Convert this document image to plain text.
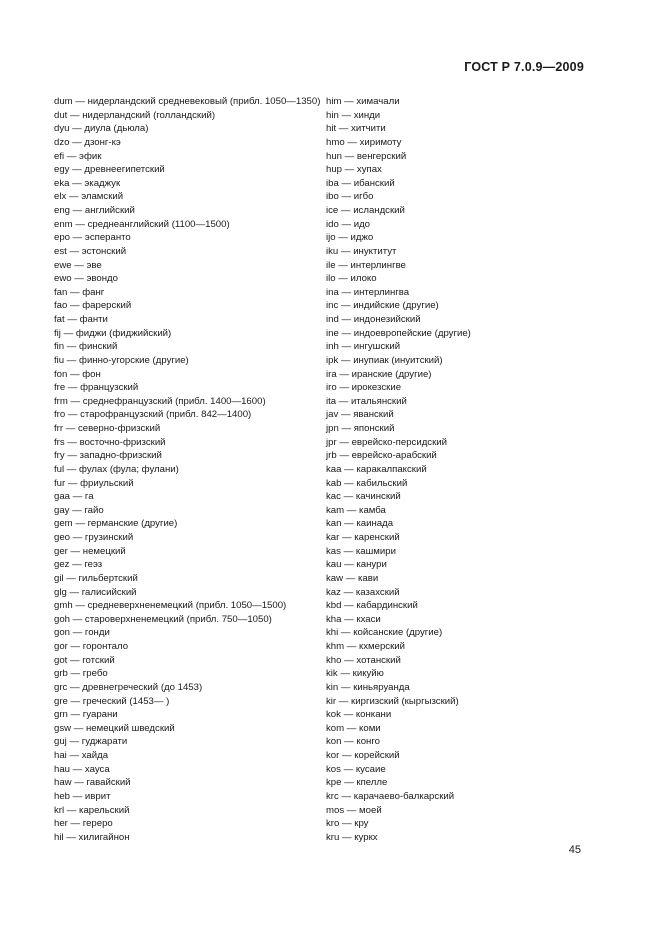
ГОСТ Р 7.0.9—2009
dum — нидерландский средневековый (прибл. 1050—1350)
dut — нидерландский (голландский)
dyu — диула (дьюла)
dzo — дзонг-кэ
efi — эфик
egy — древнеегипетский
eka — экаджук
elx — эламский
eng — английский
enm — среднеанглийский (1100—1500)
epo — эсперанто
est — эстонский
ewe — эве
ewo — эвондо
fan — фанг
fao — фарерский
fat — фанти
fij — фиджи (фиджийский)
fin — финский
fiu — финно-угорские (другие)
fon — фон
fre — французский
frm — среднефранцузский (прибл. 1400—1600)
fro — старофранцузский (прибл. 842—1400)
frr — северно-фризский
frs — восточно-фризский
fry — западно-фризский
ful — фулах (фула; фулани)
fur — фриульский
gaa — га
gay — гайо
gem — германские (другие)
geo — грузинский
ger — немецкий
gez — геэз
gil — гильбертский
glg — галисийский
gmh — средневерхненемецкий (прибл. 1050—1500)
goh — староверхненемецкий (прибл. 750—1050)
gon — гонди
gor — горонтало
got — готский
grb — гребо
grc — древнегреческий (до 1453)
gre — греческий (1453— )
grn — гуарани
gsw — немецкий шведский
guj — гуджарати
hai — хайда
hau — хауса
haw — гавайский
heb — иврит
krl — карельский
her — гереро
hil — хилигайнон
him — химачали
hin — хинди
hit — хитчити
hmo — хиримоту
hun — венгерский
hup — хупах
iba — ибанский
ibo — игбо
ice — исландский
ido — идо
ijo — иджо
iku — инуктитут
ile — интерлингве
ilo — илоко
ina — интерлингва
inc — индийские (другие)
ind — индонезийский
ine — индоевропейские (другие)
inh — ингушский
ipk — инупиак (инуитский)
ira — иранские (другие)
iro — ирокезские
ita — итальянский
jav — яванский
jpn — японский
jpr — еврейско-персидский
jrb — еврейско-арабский
kaa — каракалпакский
kab — кабильский
kac — качинский
kam — камба
kan — каинада
kar — каренский
kas — кашмири
kau — канури
kaw — кави
kaz — казахский
kbd — кабардинский
kha — кхаси
khi — койсанские (другие)
khm — кхмерский
kho — хотанский
kik — кикуйю
kin — киньяруанда
kir — киргизский (кыргызский)
kok — конкани
kom — коми
kon — конго
kor — корейский
kos — кусаие
kpe — кпелле
krc — карачаево-балкарский
mos — моей
kro — кру
kru — куркх
45
